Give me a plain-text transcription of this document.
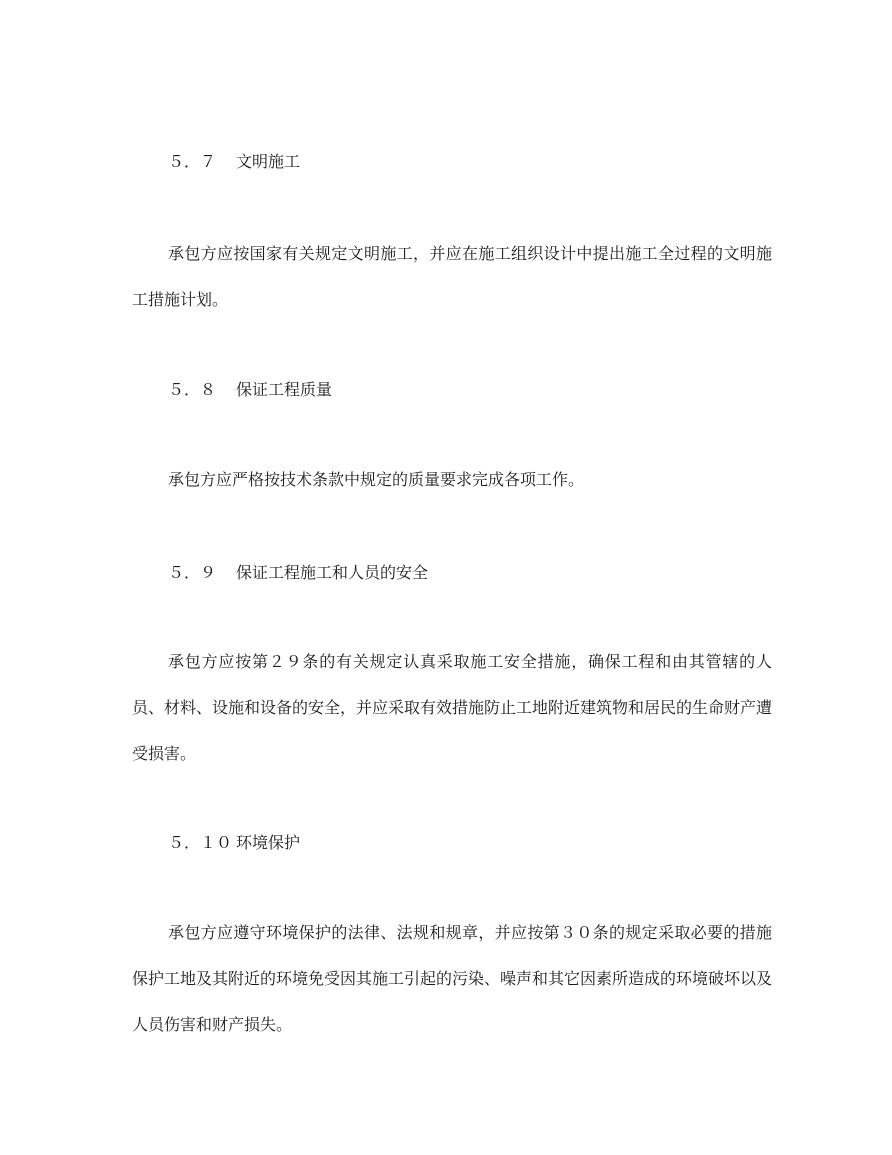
５．７ 文明施工

承包方应按国家有关规定文明施工，并应在施工组织设计中提出施工全过程的文明施工措施计划。

５．８ 保证工程质量

承包方应严格按技术条款中规定的质量要求完成各项工作。

５．９ 保证工程施工和人员的安全

承包方应按第２９条的有关规定认真采取施工安全措施，确保工程和由其管辖的人员、材料、设施和设备的安全，并应采取有效措施防止工地附近建筑物和居民的生命财产遭受损害。

５．１０ 环境保护

承包方应遵守环境保护的法律、法规和规章，并应按第３０条的规定采取必要的措施保护工地及其附近的环境免受因其施工引起的污染、噪声和其它因素所造成的环境破坏以及人员伤害和财产损失。
